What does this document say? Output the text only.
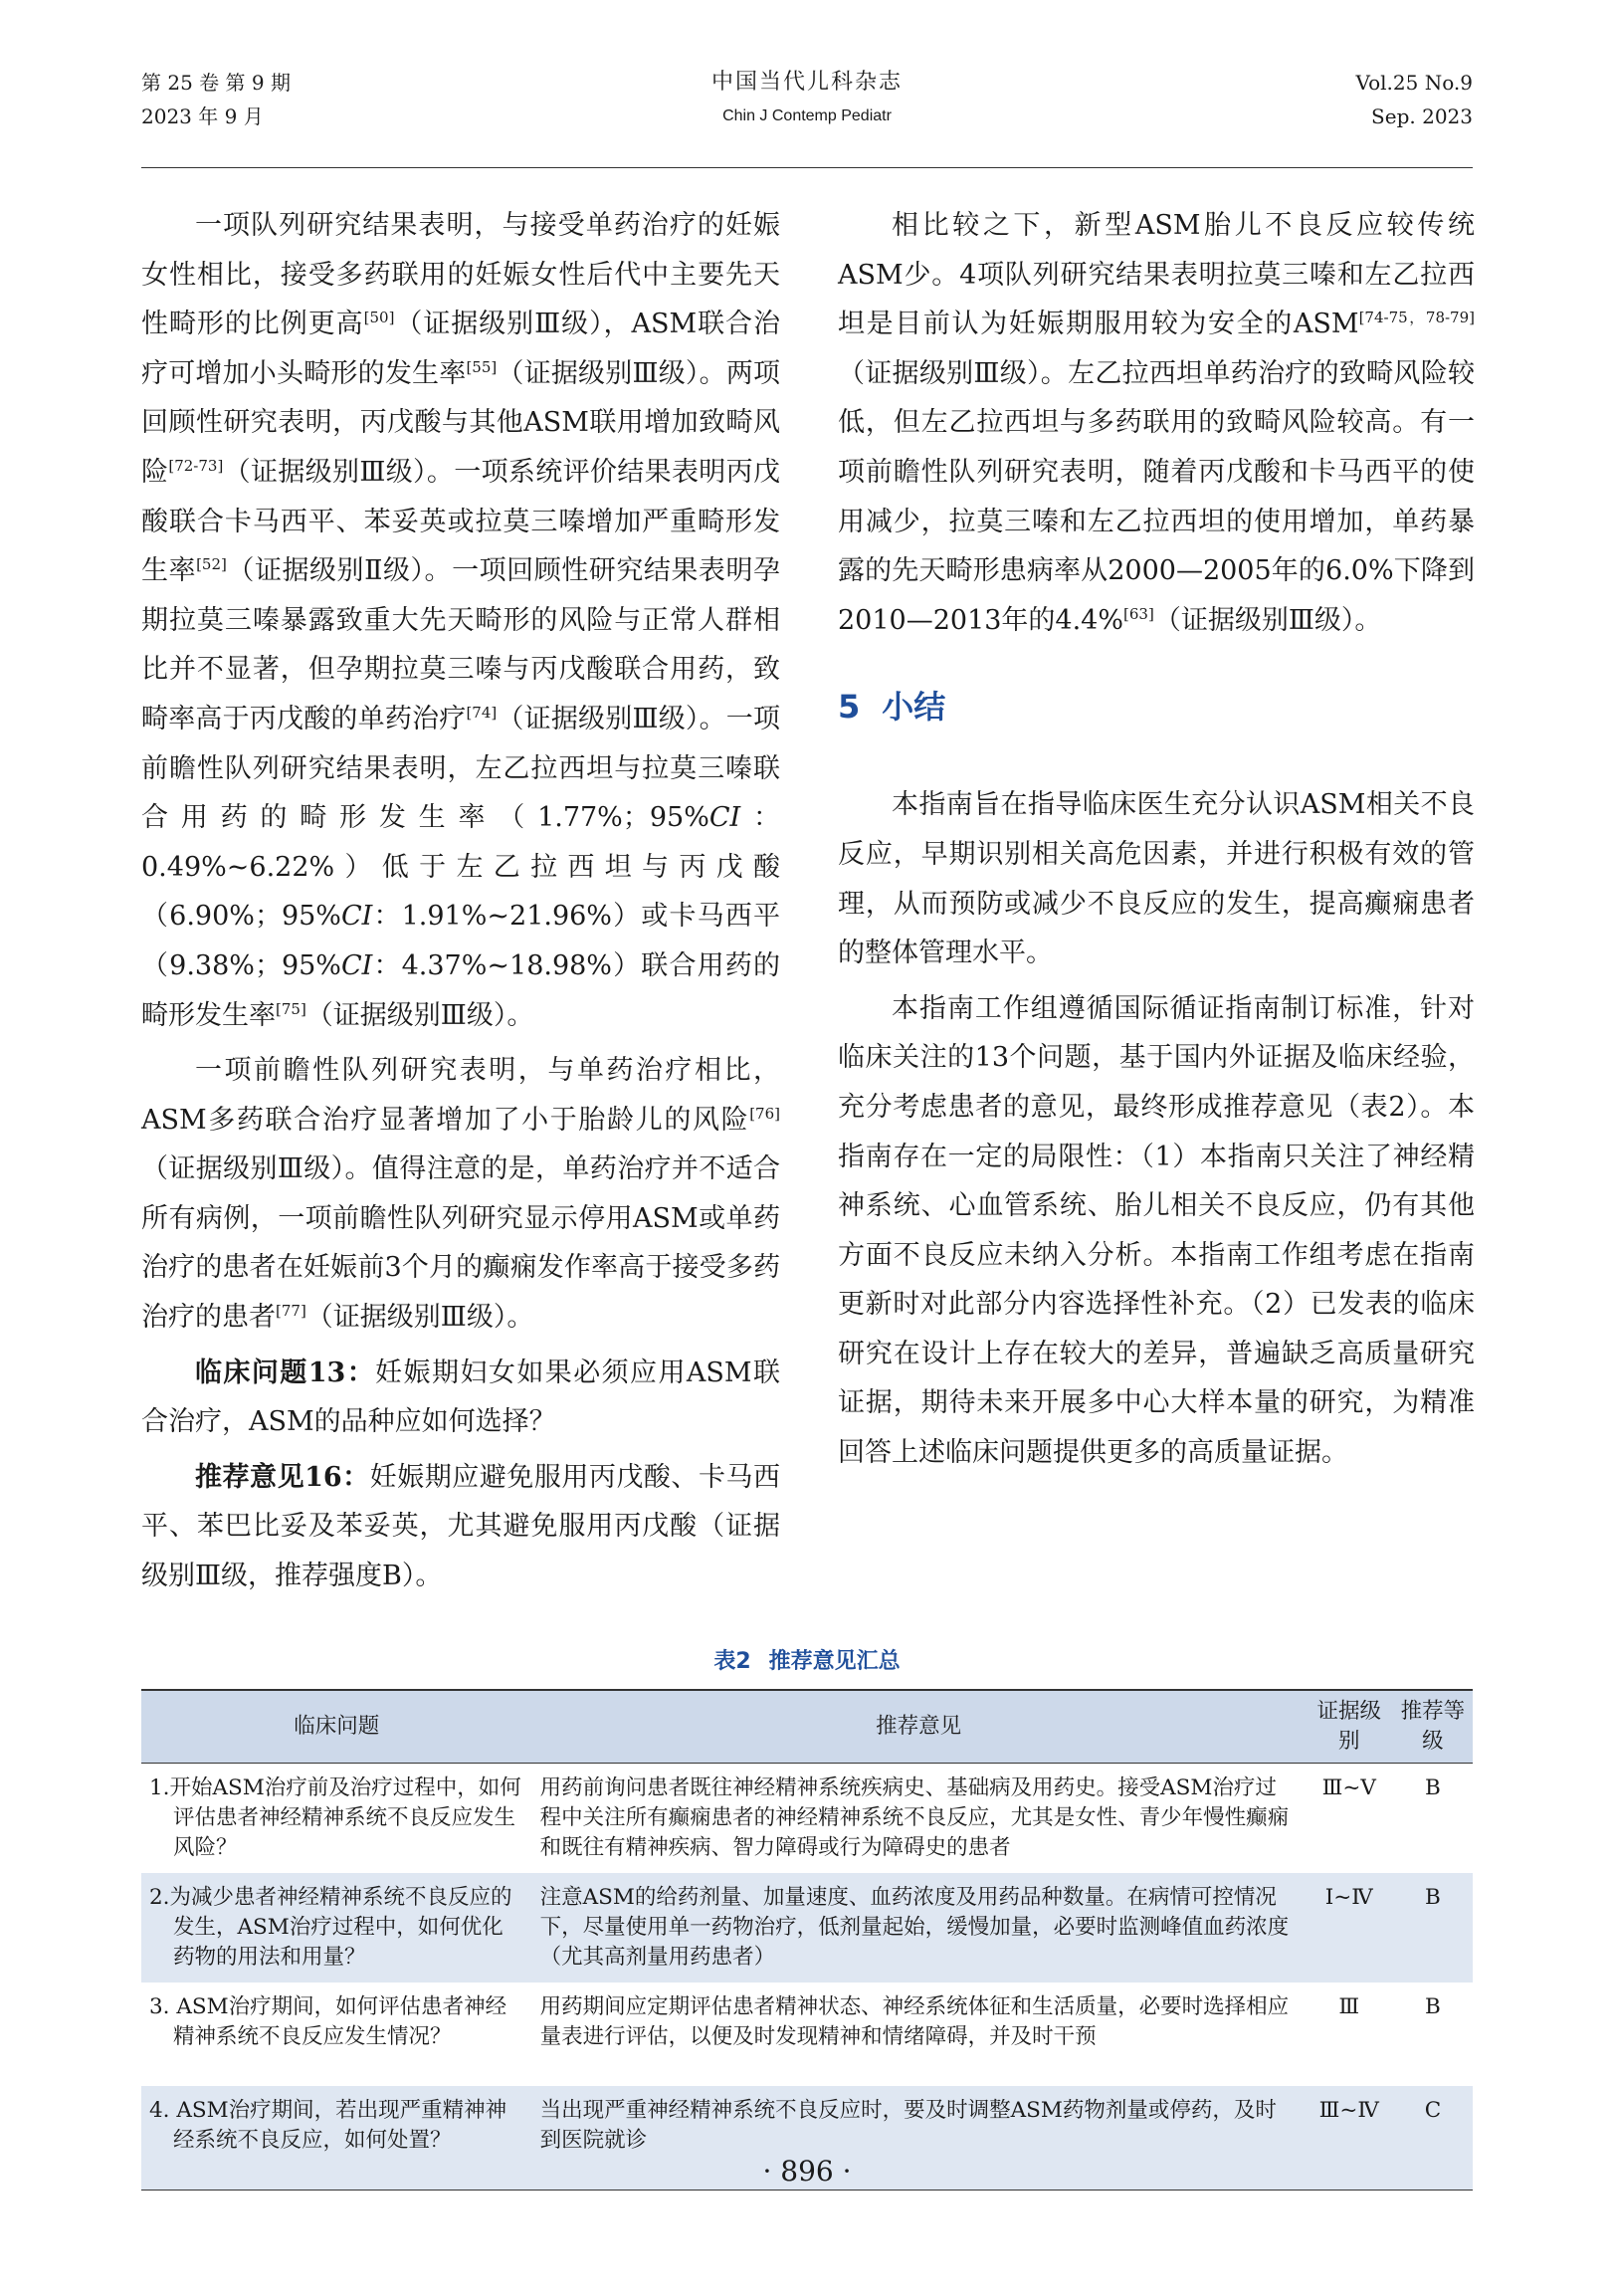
第 25 卷 第 9 期
2023 年 9 月
中国当代儿科杂志
Chin J Contemp Pediatr
Vol.25 No.9
Sep. 2023

一项队列研究结果表明，与接受单药治疗的妊娠女性相比，接受多药联用的妊娠女性后代中主要先天性畸形的比例更高[50]（证据级别Ⅲ级），ASM联合治疗可增加小头畸形的发生率[55]（证据级别Ⅲ级）。两项回顾性研究表明，丙戊酸与其他ASM联用增加致畸风险[72-73]（证据级别Ⅲ级）。一项系统评价结果表明丙戊酸联合卡马西平、苯妥英或拉莫三嗪增加严重畸形发生率[52]（证据级别Ⅱ级）。一项回顾性研究结果表明孕期拉莫三嗪暴露致重大先天畸形的风险与正常人群相比并不显著，但孕期拉莫三嗪与丙戊酸联合用药，致畸率高于丙戊酸的单药治疗[74]（证据级别Ⅲ级）。一项前瞻性队列研究结果表明，左乙拉西坦与拉莫三嗪联合用药的畸形发生率（1.77%；95%CI：0.49%~6.22%）低于左乙拉西坦与丙戊酸（6.90%；95%CI：1.91%~21.96%）或卡马西平（9.38%；95%CI：4.37%~18.98%）联合用药的畸形发生率[75]（证据级别Ⅲ级）。

一项前瞻性队列研究表明，与单药治疗相比，ASM多药联合治疗显著增加了小于胎龄儿的风险[76]（证据级别Ⅲ级）。值得注意的是，单药治疗并不适合所有病例，一项前瞻性队列研究显示停用ASM或单药治疗的患者在妊娠前3个月的癫痫发作率高于接受多药治疗的患者[77]（证据级别Ⅲ级）。

临床问题13：妊娠期妇女如果必须应用ASM联合治疗，ASM的品种应如何选择？

推荐意见16：妊娠期应避免服用丙戊酸、卡马西平、苯巴比妥及苯妥英，尤其避免服用丙戊酸（证据级别Ⅲ级，推荐强度B）。

相比较之下，新型ASM胎儿不良反应较传统ASM少。4项队列研究结果表明拉莫三嗪和左乙拉西坦是目前认为妊娠期服用较为安全的ASM[74-75，78-79]（证据级别Ⅲ级）。左乙拉西坦单药治疗的致畸风险较低，但左乙拉西坦与多药联用的致畸风险较高。有一项前瞻性队列研究表明，随着丙戊酸和卡马西平的使用减少，拉莫三嗪和左乙拉西坦的使用增加，单药暴露的先天畸形患病率从2000—2005年的6.0%下降到2010—2013年的4.4%[63]（证据级别Ⅲ级）。

5 小结

本指南旨在指导临床医生充分认识ASM相关不良反应，早期识别相关高危因素，并进行积极有效的管理，从而预防或减少不良反应的发生，提高癫痫患者的整体管理水平。

本指南工作组遵循国际循证指南制订标准，针对临床关注的13个问题，基于国内外证据及临床经验，充分考虑患者的意见，最终形成推荐意见（表2）。本指南存在一定的局限性：（1）本指南只关注了神经精神系统、心血管系统、胎儿相关不良反应，仍有其他方面不良反应未纳入分析。本指南工作组考虑在指南更新时对此部分内容选择性补充。（2）已发表的临床研究在设计上存在较大的差异，普遍缺乏高质量研究证据，期待未来开展多中心大样本量的研究，为精准回答上述临床问题提供更多的高质量证据。

表2 推荐意见汇总
临床问题	推荐意见	证据级别	推荐等级

1.开始ASM治疗前及治疗过程中，如何评估患者神经精神系统不良反应发生风险？	用药前询问患者既往神经精神系统疾病史、基础病及用药史。接受ASM治疗过程中关注所有癫痫患者的神经精神系统不良反应，尤其是女性、青少年慢性癫痫和既往有精神疾病、智力障碍或行为障碍史的患者	Ⅲ~Ⅴ	B

2.为减少患者神经精神系统不良反应的发生，ASM治疗过程中，如何优化药物的用法和用量？	注意ASM的给药剂量、加量速度、血药浓度及用药品种数量。在病情可控情况下，尽量使用单一药物治疗，低剂量起始，缓慢加量，必要时监测峰值血药浓度（尤其高剂量用药患者）	Ⅰ~Ⅳ	B

3. ASM治疗期间，如何评估患者神经精神系统不良反应发生情况？	用药期间应定期评估患者精神状态、神经系统体征和生活质量，必要时选择相应量表进行评估，以便及时发现精神和情绪障碍，并及时干预	Ⅲ	B

4. ASM治疗期间，若出现严重精神神经系统不良反应，如何处置？	当出现严重神经精神系统不良反应时，要及时调整ASM药物剂量或停药，及时到医院就诊	Ⅲ~Ⅳ	C
· 896 ·
